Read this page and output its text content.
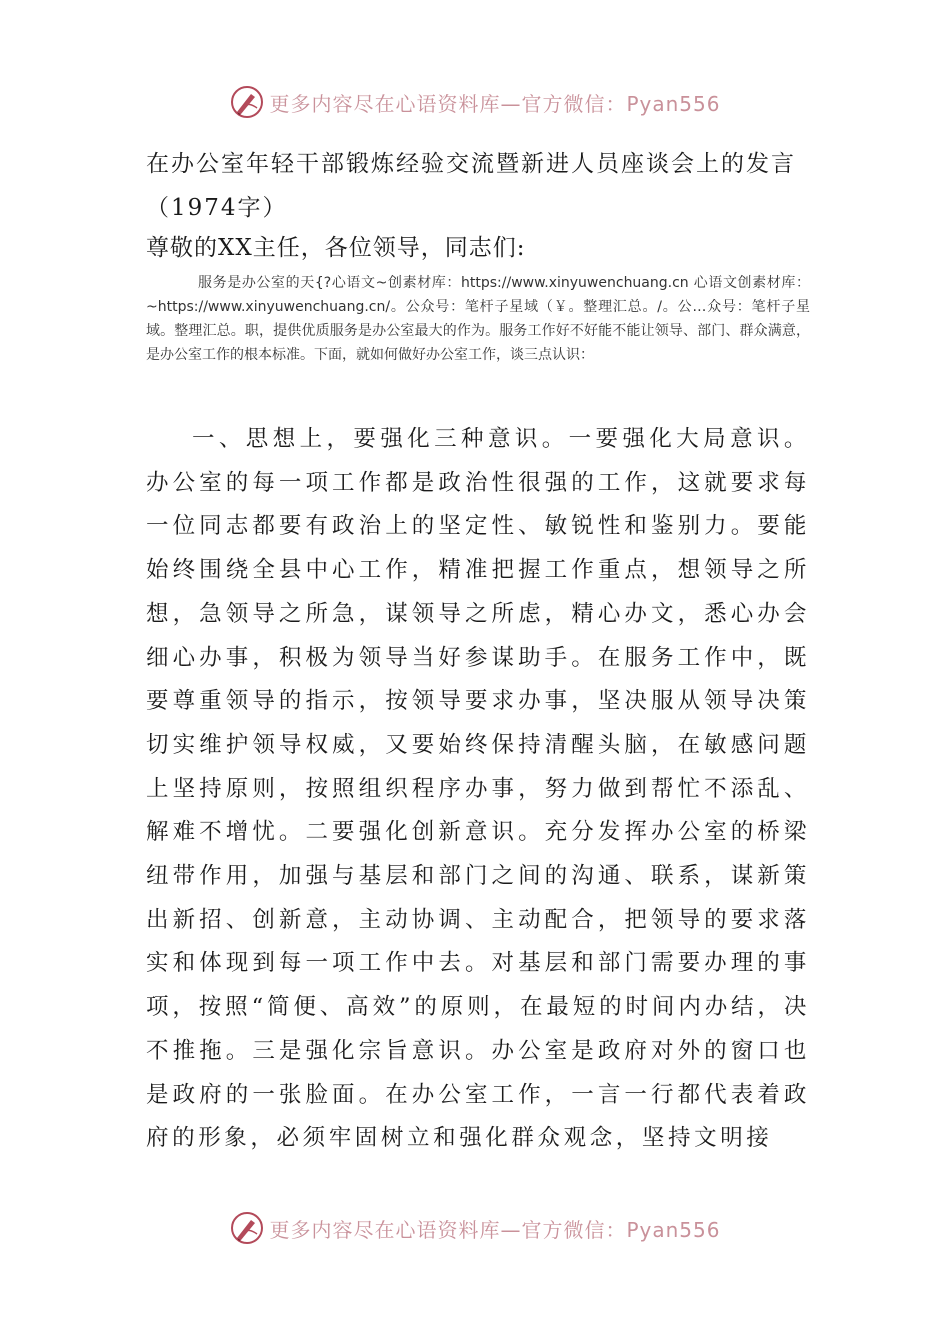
更多内容尽在心语资料库—官方微信：Pyan556
在办公室年轻干部锻炼经验交流暨新进人员座谈会上的发言（1974字）

尊敬的XX主任，各位领导，同志们:

服务是办公室的天{?心语文~创素材库：https://www.xinyuwenchuang.cn 心语文创素材库：~https://www.xinyuwenchuang.cn/。公众号：笔杆子星域（￥。整理汇总。/。公…众号：笔杆子星域。整理汇总。职，提供优质服务是办公室最大的作为。服务工作好不好能不能让领导、部门、群众满意，是办公室工作的根本标准。下面，就如何做好办公室工作，谈三点认识：

一、思想上，要强化三种意识。一要强化大局意识。办公室的每一项工作都是政治性很强的工作，这就要求每一位同志都要有政治上的坚定性、敏锐性和鉴别力。要能始终围绕全县中心工作，精准把握工作重点，想领导之所想，急领导之所急，谋领导之所虑，精心办文，悉心办会细心办事，积极为领导当好参谋助手。在服务工作中，既要尊重领导的指示，按领导要求办事，坚决服从领导决策切实维护领导权威，又要始终保持清醒头脑，在敏感问题上坚持原则，按照组织程序办事，努力做到帮忙不添乱、解难不增忧。二要强化创新意识。充分发挥办公室的桥梁纽带作用，加强与基层和部门之间的沟通、联系，谋新策出新招、创新意，主动协调、主动配合，把领导的要求落实和体现到每一项工作中去。对基层和部门需要办理的事项，按照“简便、高效”的原则，在最短的时间内办结，决不推拖。三是强化宗旨意识。办公室是政府对外的窗口也是政府的一张脸面。在办公室工作，一言一行都代表着政府的形象，必须牢固树立和强化群众观念，坚持文明接

更多内容尽在心语资料库—官方微信：Pyan556
